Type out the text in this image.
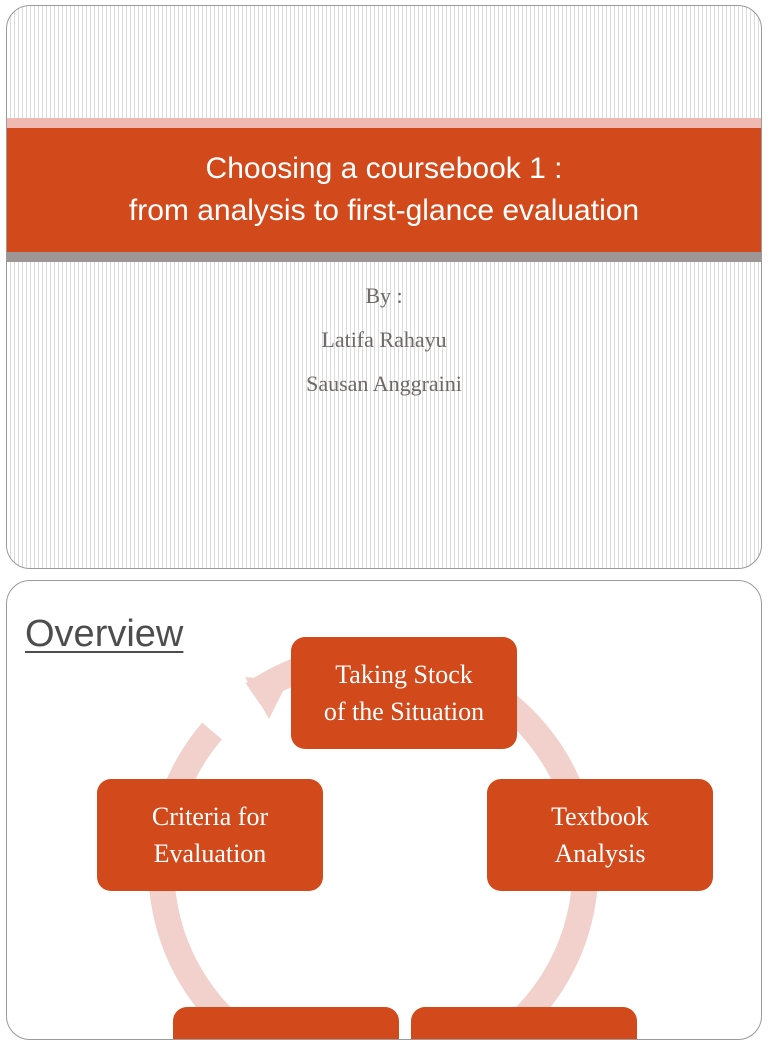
Choosing a coursebook 1 :
from analysis to first-glance evaluation
By :
Latifa Rahayu
Sausan Anggraini
Overview
Taking Stock
of the Situation
Textbook
Analysis
Criteria for
Evaluation
